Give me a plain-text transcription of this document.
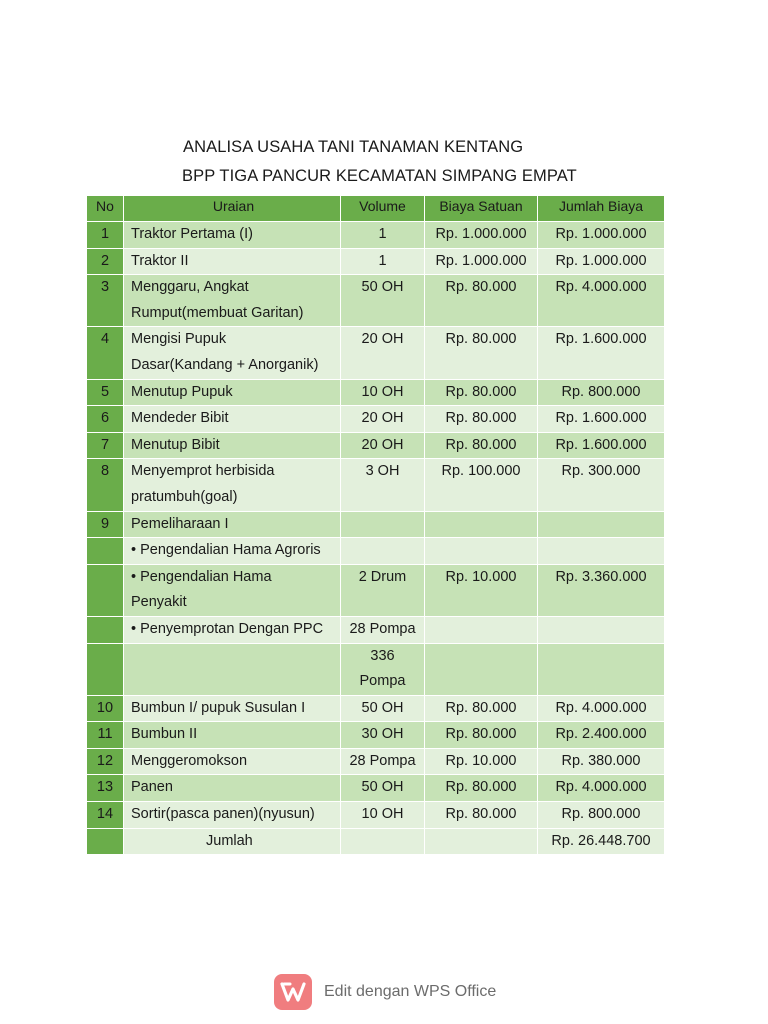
ANALISA USAHA TANI TANAMAN KENTANG
BPP TIGA PANCUR KECAMATAN SIMPANG EMPAT
No	Uraian	Volume	Biaya Satuan	Jumlah Biaya

1	Traktor Pertama (I)	1	Rp. 1.000.000	Rp. 1.000.000

2	Traktor II	1	Rp. 1.000.000	Rp. 1.000.000

3	Menggaru, Angkat
Rumput(membuat Garitan)	50 OH	Rp. 80.000	Rp. 4.000.000

4	Mengisi Pupuk
Dasar(Kandang + Anorganik)	20 OH	Rp. 80.000	Rp. 1.600.000

5	Menutup Pupuk	10 OH	Rp. 80.000	Rp. 800.000

6	Mendeder Bibit	20 OH	Rp. 80.000	Rp. 1.600.000

7	Menutup Bibit	20 OH	Rp. 80.000	Rp. 1.600.000

8	Menyemprot herbisida
pratumbuh(goal)	3 OH	Rp. 100.000	Rp. 300.000

9	Pemeliharaan I			

	• Pengendalian Hama Agroris			

	• Pengendalian Hama
Penyakit	2 Drum	Rp. 10.000	Rp. 3.360.000

	• Penyemprotan Dengan PPC	28 Pompa		

		336
Pompa		

10	Bumbun I/ pupuk Susulan I	50 OH	Rp. 80.000	Rp. 4.000.000

11	Bumbun II	30 OH	Rp. 80.000	Rp. 2.400.000

12	Menggeromokson	28 Pompa	Rp. 10.000	Rp. 380.000

13	Panen	50 OH	Rp. 80.000	Rp. 4.000.000

14	Sortir(pasca panen)(nyusun)	10 OH	Rp. 80.000	Rp. 800.000

	Jumlah			Rp. 26.448.700
Edit dengan WPS Office
